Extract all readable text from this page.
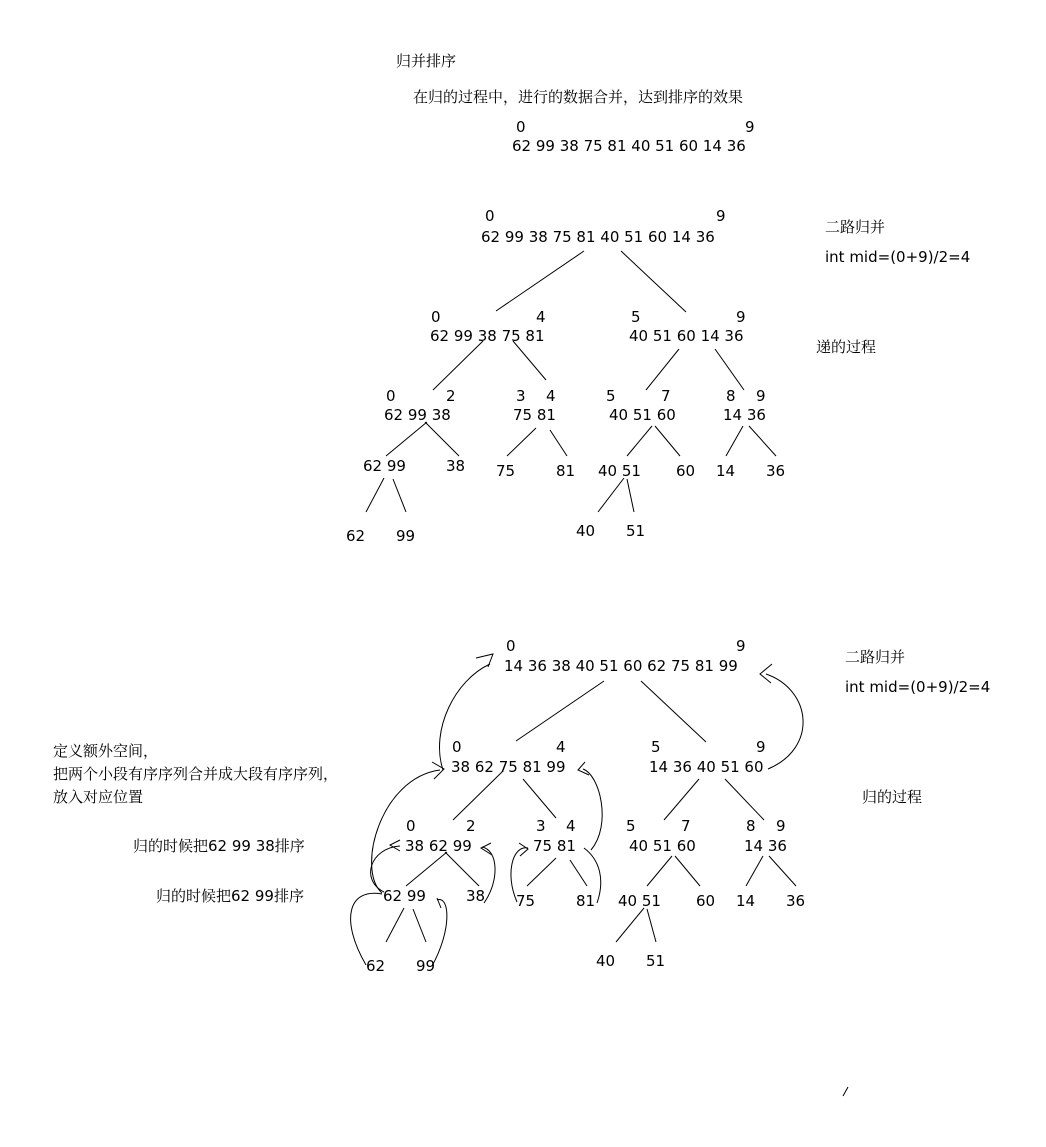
归并排序
在归的过程中，进行的数据合并，达到排序的效果
0	9
62 99 38 75 81 40 51 60 14 36
0	9
62 99 38 75 81 40 51 60 14 36
二路归并
int mid=(0+9)/2=4
递的过程
0	4
62 99 38 75 81
5	9
40 51 60 14 36
0	2
62 99 38
3 4
75 81
5	7
40 51 60
8 9
14 36
62 99	38 75	81 40 51 60 14 36
62 99	40 51
0	9
14 36 38 40 51 60 62 75 81 99	二路归并
int mid=(0+9)/2=4
归的过程
定义额外空间，
把两个小段有序序列合并成大段有序序列，
放入对应位置
归的时候把62 99 38排序
归的时候把62 99排序
0	4
38 62 75 81 99
5	9
14 36 40 51 60
0	2
38 62 99
3 4
75 81
5	7
40 51 60
8 9
14 36
62 99	38 75	81 40 51 60 14 36
62 99	40 51
